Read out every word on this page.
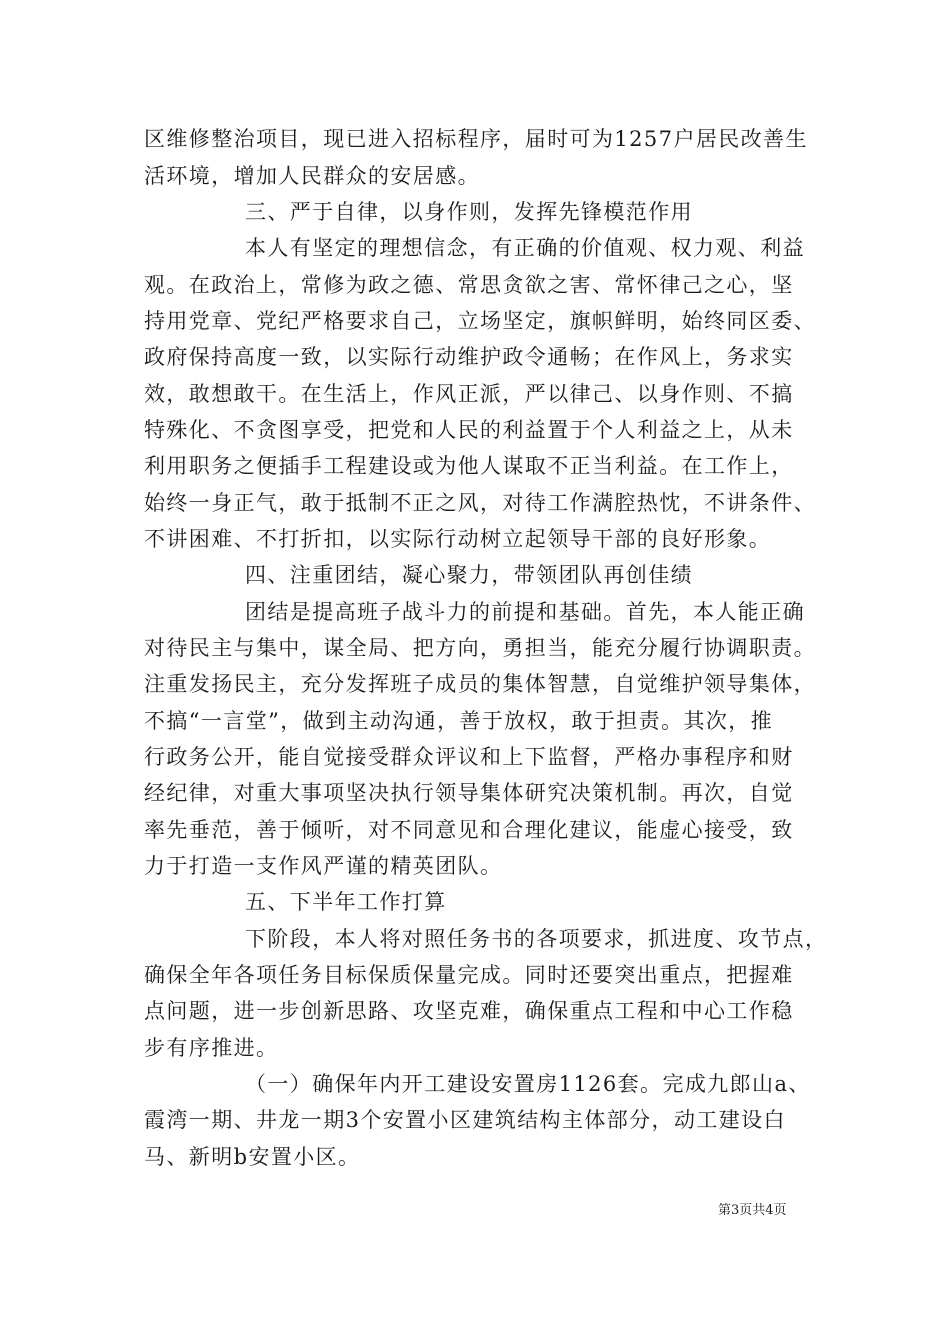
区维修整治项目，现已进入招标程序，届时可为1257户居民改善生
活环境，增加人民群众的安居感。
三、严于自律，以身作则，发挥先锋模范作用
本人有坚定的理想信念，有正确的价值观、权力观、利益
观。在政治上，常修为政之德、常思贪欲之害、常怀律己之心，坚
持用党章、党纪严格要求自己，立场坚定，旗帜鲜明，始终同区委、
政府保持高度一致，以实际行动维护政令通畅；在作风上，务求实
效，敢想敢干。在生活上，作风正派，严以律己、以身作则、不搞
特殊化、不贪图享受，把党和人民的利益置于个人利益之上，从未
利用职务之便插手工程建设或为他人谋取不正当利益。在工作上，
始终一身正气，敢于抵制不正之风，对待工作满腔热忱，不讲条件、
不讲困难、不打折扣，以实际行动树立起领导干部的良好形象。
四、注重团结，凝心聚力，带领团队再创佳绩
团结是提高班子战斗力的前提和基础。首先，本人能正确
对待民主与集中，谋全局、把方向，勇担当，能充分履行协调职责。
注重发扬民主，充分发挥班子成员的集体智慧，自觉维护领导集体，
不搞“一言堂”，做到主动沟通，善于放权，敢于担责。其次，推
行政务公开，能自觉接受群众评议和上下监督，严格办事程序和财
经纪律，对重大事项坚决执行领导集体研究决策机制。再次，自觉
率先垂范，善于倾听，对不同意见和合理化建议，能虚心接受，致
力于打造一支作风严谨的精英团队。
五、下半年工作打算
下阶段，本人将对照任务书的各项要求，抓进度、攻节点，
确保全年各项任务目标保质保量完成。同时还要突出重点，把握难
点问题，进一步创新思路、攻坚克难，确保重点工程和中心工作稳
步有序推进。
（一）确保年内开工建设安置房1126套。完成九郎山a、
霞湾一期、井龙一期3个安置小区建筑结构主体部分，动工建设白
马、新明b安置小区。
第3页共4页
